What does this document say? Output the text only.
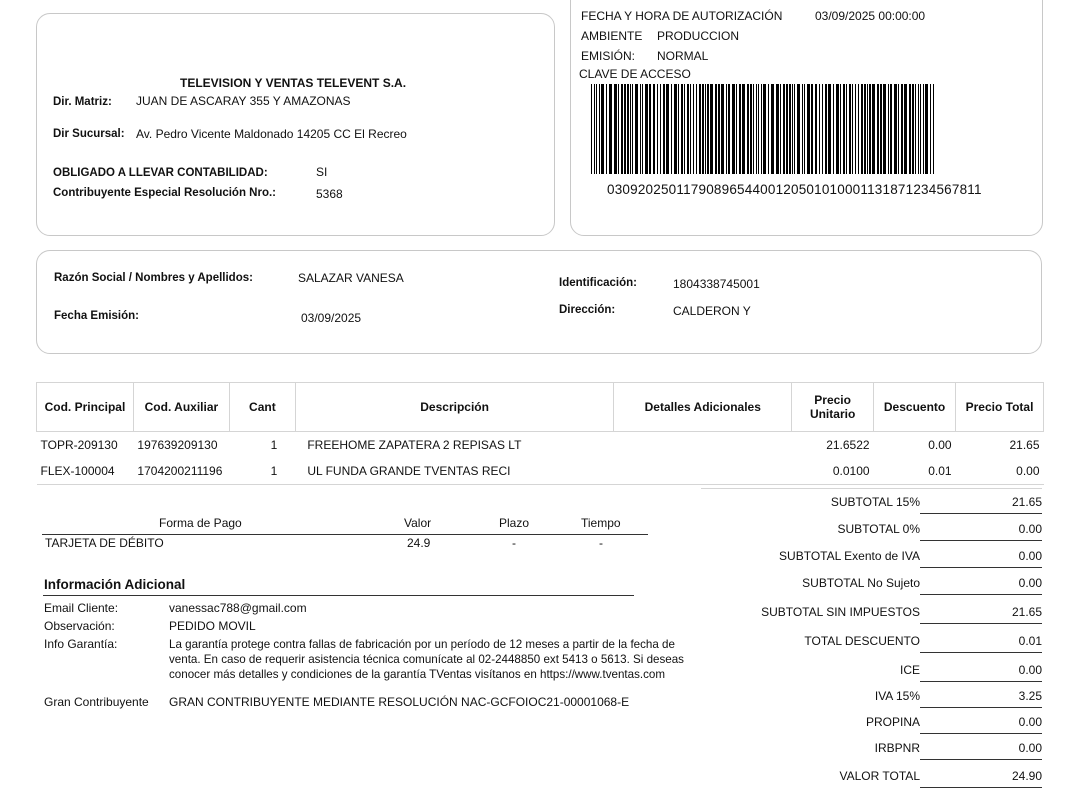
TELEVISION Y VENTAS TELEVENT S.A.
Dir. Matriz: JUAN DE ASCARAY 355 Y AMAZONAS
Dir Sucursal: Av. Pedro Vicente Maldonado 14205 CC El Recreo
OBLIGADO A LLEVAR CONTABILIDAD:	SI
Contribuyente Especial Resolución Nro.:	5368
FECHA Y HORA DE AUTORIZACIÓN	03/09/2025 00:00:00
AMBIENTE PRODUCCION
EMISIÓN: NORMAL
CLAVE DE ACCESO
0309202501179089654400120501010001131871234567811
Razón Social / Nombres y Apellidos:	SALAZAR VANESA
Fecha Emisión:	03/09/2025
Identificación:	1804338745001
Dirección:	CALDERON Y
Cod. Principal	Cod. Auxiliar	Cant	Descripción	Detalles Adicionales	Precio Unitario	Descuento	Precio Total
TOPR-209130	197639209130	1	FREEHOME ZAPATERA 2 REPISAS LT		21.6522	0.00	21.65
FLEX-100004	1704200211196	1	UL FUNDA GRANDE TVENTAS RECI		0.0100	0.01	0.00
Forma de Pago	Valor	Plazo	Tiempo
TARJETA DE DÉBITO	24.9	-	-
Información Adicional
Email Cliente:	vanessac788@gmail.com
Observación:	PEDIDO MOVIL
Info Garantía:	La garantía protege contra fallas de fabricación por un período de 12 meses a partir de la fecha de venta. En caso de requerir asistencia técnica comunícate al 02-2448850 ext 5413 o 5613. Si deseas conocer más detalles y condiciones de la garantía TVentas visítanos en https://www.tventas.com
Gran Contribuyente GRAN CONTRIBUYENTE MEDIANTE RESOLUCIÓN NAC-GCFOIOC21-00001068-E
SUBTOTAL 15%	21.65
SUBTOTAL 0%	0.00
SUBTOTAL Exento de IVA	0.00
SUBTOTAL No Sujeto	0.00
SUBTOTAL SIN IMPUESTOS	21.65
TOTAL DESCUENTO	0.01
ICE	0.00
IVA 15%	3.25
PROPINA	0.00
IRBPNR	0.00
VALOR TOTAL	24.90
